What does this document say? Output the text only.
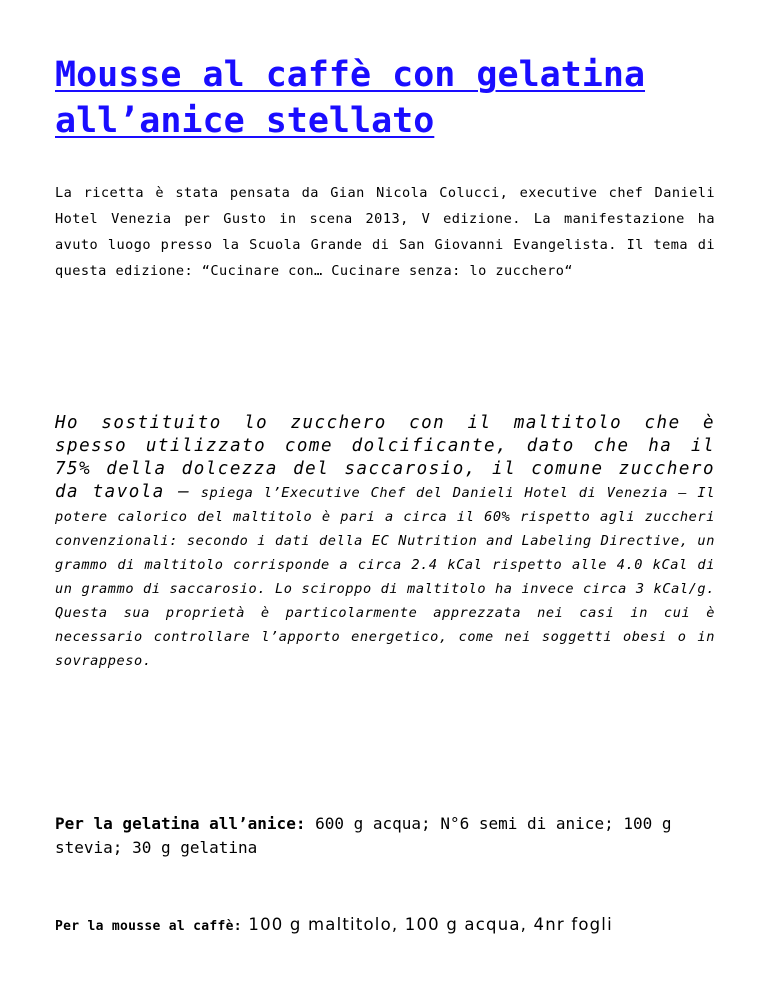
Mousse al caffè con gelatina all’anice stellato

La ricetta è stata pensata da Gian Nicola Colucci, executive chef Danieli Hotel Venezia per Gusto in scena 2013, V edizione. La manifestazione ha avuto luogo presso la Scuola Grande di San Giovanni Evangelista. Il tema di questa edizione: “Cucinare con… Cucinare senza: lo zucchero“

Ho sostituito lo zucchero con il maltitolo che è spesso utilizzato come dolcificante, dato che ha il 75% della dolcezza del saccarosio, il comune zucchero da tavola – spiega l’Executive Chef del Danieli Hotel di Venezia – Il potere calorico del maltitolo è pari a circa il 60% rispetto agli zuccheri convenzionali: secondo i dati della EC Nutrition and Labeling Directive, un grammo di maltitolo corrisponde a circa 2.4 kCal rispetto alle 4.0 kCal di un grammo di saccarosio. Lo sciroppo di maltitolo ha invece circa 3 kCal/g. Questa sua proprietà è particolarmente apprezzata nei casi in cui è necessario controllare l’apporto energetico, come nei soggetti obesi o in sovrappeso.

Per la gelatina all’anice: 600 g acqua; N°6 semi di anice; 100 g stevia; 30 g gelatina

Per la mousse al caffè: 100 g maltitolo, 100 g acqua, 4nr fogli
